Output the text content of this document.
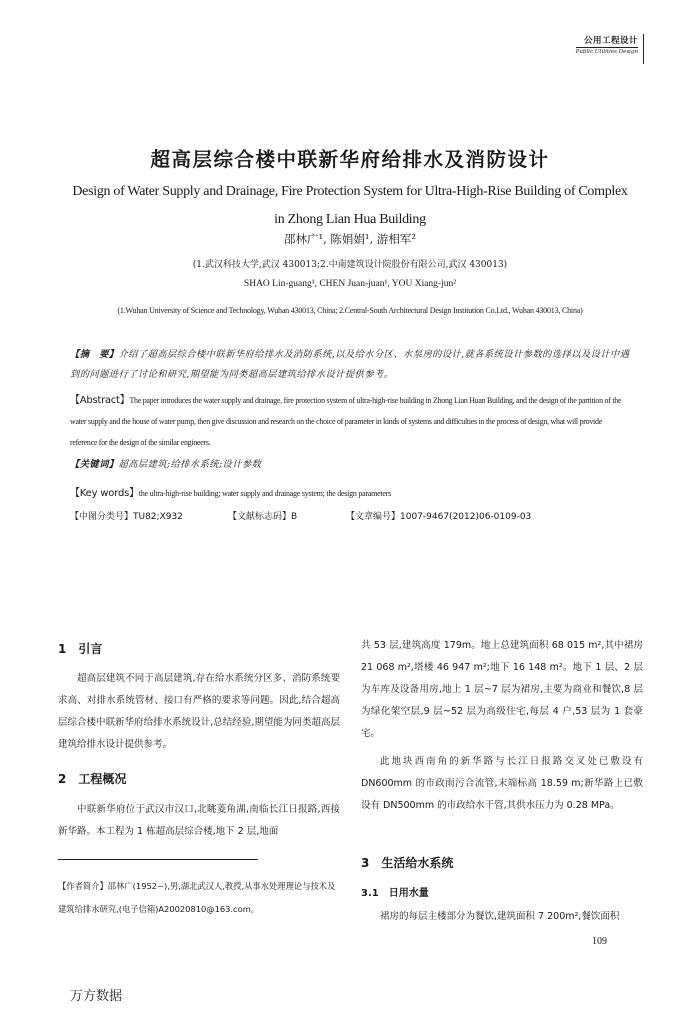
公用工程设计
Public Utilities Design
超高层综合楼中联新华府给排水及消防设计
Design of Water Supply and Drainage, Fire Protection System for Ultra-High-Rise Building of Complex in Zhong Lian Hua Building
邵林广¹, 陈娟娟¹, 游相军²
(1.武汉科技大学,武汉 430013;2.中南建筑设计院股份有限公司,武汉 430013)
SHAO Lin-guang¹, CHEN Juan-juan¹, YOU Xiang-jun²
(1.Wuhan University of Science and Technology, Wuhan 430013, China; 2.Central-South Architectural Design Institution Co.Ltd., Wuhan 430013, China)
【摘　要】介绍了超高层综合楼中联新华府给排水及消防系统,以及给水分区、水泵房的设计,就各系统设计参数的选择以及设计中遇到的问题进行了讨论和研究,期望能为同类超高层建筑给排水设计提供参考。
【Abstract】The paper introduces the water supply and drainage, fire protection system of ultra-high-rise building in Zhong Lian Huan Building, and the design of the partition of the water supply and the house of water pump, then give discussion and research on the choice of parameter in kinds of systems and difficulties in the process of design, what will provide reference for the design of the similar engineers.
【关键词】超高层建筑;给排水系统;设计参数
【Key words】the ultra-high-rise building; water supply and drainage system; the design parameters
【中图分类号】TU82;X932	【文献标志码】B	【文章编号】1007-9467(2012)06-0109-03
1　引言

超高层建筑不同于高层建筑,存在给水系统分区多、消防系统要求高、对排水系统管材、接口有严格的要求等问题。因此,结合超高层综合楼中联新华府给排水系统设计,总结经验,期望能为同类超高层建筑给排水设计提供参考。

2　工程概况

中联新华府位于武汉市汉口,北眺菱角湖,南临长江日报路,西接新华路。本工程为 1 栋超高层综合楼,地下 2 层,地面

【作者简介】邵林广(1952~),男,湖北武汉人,教授,从事水处理理论与技术及建筑给排水研究,(电子信箱)A20020810@163.com。

共 53 层,建筑高度 179m。地上总建筑面积 68 015 m²,其中裙房 21 068 m²,塔楼 46 947 m²;地下 16 148 m²。地下 1 层、2 层为车库及设备用房,地上 1 层~7 层为裙房,主要为商业和餐饮,8 层为绿化架空层,9 层~52 层为高级住宅,每层 4 户,53 层为 1 套豪宅。

此地块西南角的新华路与长江日报路交叉处已敷设有 DN600mm 的市政雨污合流管,末端标高 18.59 m;新华路上已敷设有 DN500mm 的市政给水干管,其供水压力为 0.28 MPa。

3　生活给水系统
3.1　日用水量

裙房的每层主楼部分为餐饮,建筑面积 7 200m²,餐饮面积

109
万方数据
